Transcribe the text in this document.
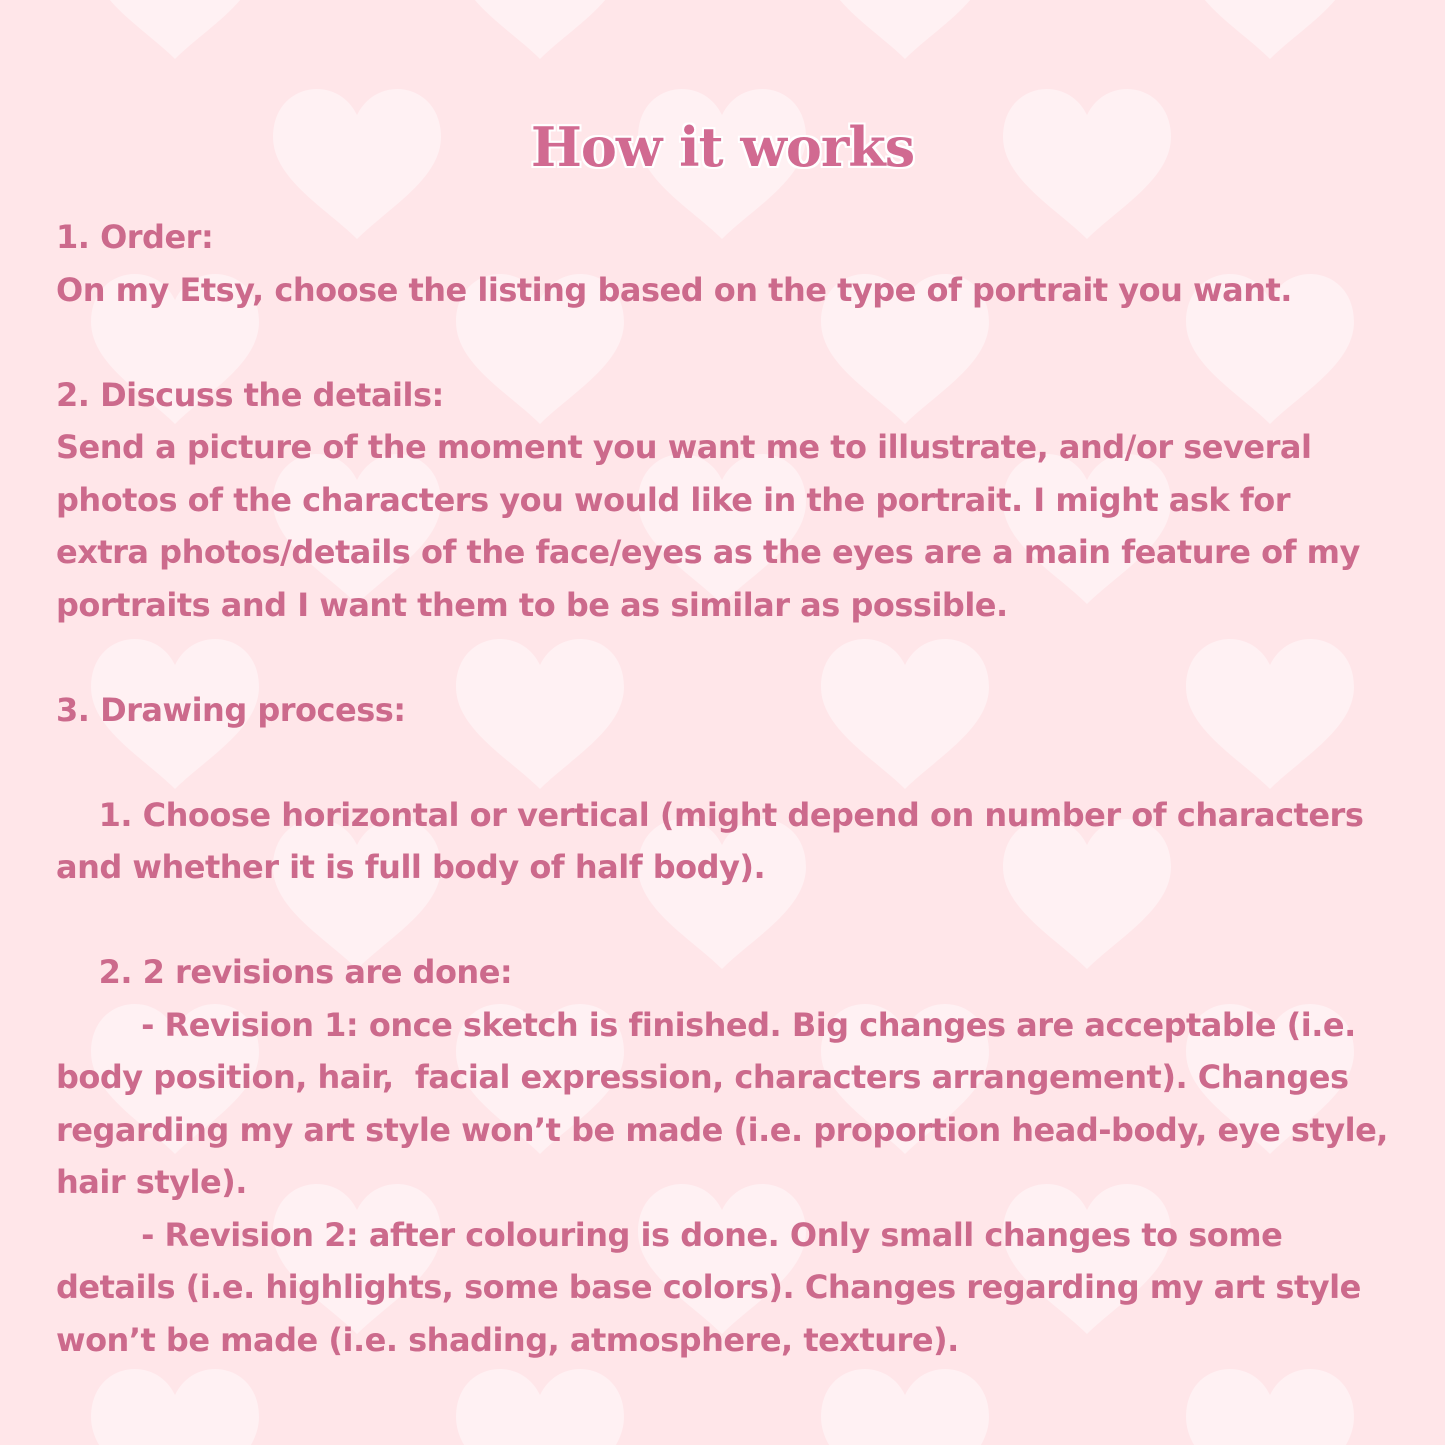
How it works
1. Order:
On my Etsy, choose the listing based on the type of portrait you want.
2. Discuss the details:
Send a picture of the moment you want me to illustrate, and/or several
photos of the characters you would like in the portrait. I might ask for
extra photos/details of the face/eyes as the eyes are a main feature of my
portraits and I want them to be as similar as possible.
3. Drawing process:
1. Choose horizontal or vertical (might depend on number of characters
and whether it is full body of half body).
2. 2 revisions are done:
- Revision 1: once sketch is finished. Big changes are acceptable (i.e.
body position, hair,  facial expression, characters arrangement). Changes
regarding my art style won’t be made (i.e. proportion head-body, eye style,
hair style).
- Revision 2: after colouring is done. Only small changes to some
details (i.e. highlights, some base colors). Changes regarding my art style
won’t be made (i.e. shading, atmosphere, texture).
